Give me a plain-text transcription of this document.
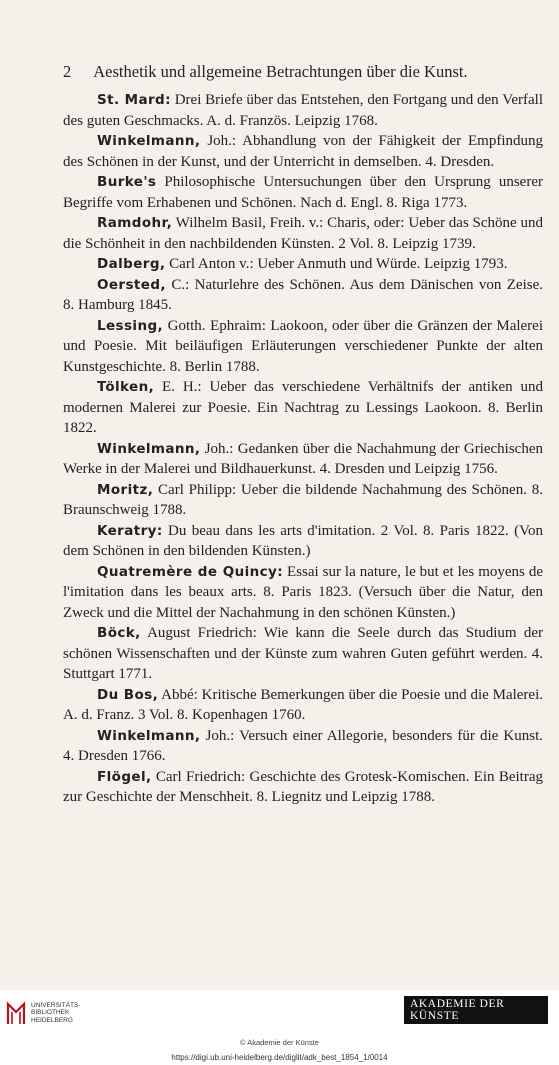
2 Aesthetik und allgemeine Betrachtungen über die Kunst.

St. Mard: Drei Briefe über das Entstehen, den Fortgang und den Verfall des guten Geschmacks. A. d. Französ. Leipzig 1768.

Winkelmann, Joh.: Abhandlung von der Fähigkeit der Empfindung des Schönen in der Kunst, und der Unterricht in demselben. 4. Dresden.

Burke's Philosophische Untersuchungen über den Ursprung unserer Begriffe vom Erhabenen und Schönen. Nach d. Engl. 8. Riga 1773.

Ramdohr, Wilhelm Basil, Freih. v.: Charis, oder: Ueber das Schöne und die Schönheit in den nachbildenden Künsten. 2 Vol. 8. Leipzig 1739.

Dalberg, Carl Anton v.: Ueber Anmuth und Würde. Leipzig 1793.

Oersted, C.: Naturlehre des Schönen. Aus dem Dänischen von Zeise. 8. Hamburg 1845.

Lessing, Gotth. Ephraim: Laokoon, oder über die Gränzen der Malerei und Poesie. Mit beiläufigen Erläuterungen verschiedener Punkte der alten Kunstgeschichte. 8. Berlin 1788.

Tölken, E. H.: Ueber das verschiedene Verhältnifs der antiken und modernen Malerei zur Poesie. Ein Nachtrag zu Lessings Laokoon. 8. Berlin 1822.

Winkelmann, Joh.: Gedanken über die Nachahmung der Griechischen Werke in der Malerei und Bildhauerkunst. 4. Dresden und Leipzig 1756.

Moritz, Carl Philipp: Ueber die bildende Nachahmung des Schönen. 8. Braunschweig 1788.

Keratry: Du beau dans les arts d'imitation. 2 Vol. 8. Paris 1822. (Von dem Schönen in den bildenden Künsten.)

Quatremère de Quincy: Essai sur la nature, le but et les moyens de l'imitation dans les beaux arts. 8. Paris 1823. (Versuch über die Natur, den Zweck und die Mittel der Nachahmung in den schönen Künsten.)

Böck, August Friedrich: Wie kann die Seele durch das Studium der schönen Wissenschaften und der Künste zum wahren Guten geführt werden. 4. Stuttgart 1771.

Du Bos, Abbé: Kritische Bemerkungen über die Poesie und die Malerei. A. d. Franz. 3 Vol. 8. Kopenhagen 1760.

Winkelmann, Joh.: Versuch einer Allegorie, besonders für die Kunst. 4. Dresden 1766.

Flögel, Carl Friedrich: Geschichte des Grotesk-Komischen. Ein Beitrag zur Geschichte der Menschheit. 8. Liegnitz und Leipzig 1788.

UNIVERSITÄTS-
BIBLIOTHEK
HEIDELBERG
AKADEMIE DER KÜNSTE
© Akademie der Künste
https://digi.ub.uni-heidelberg.de/diglit/adk_best_1854_1/0014
